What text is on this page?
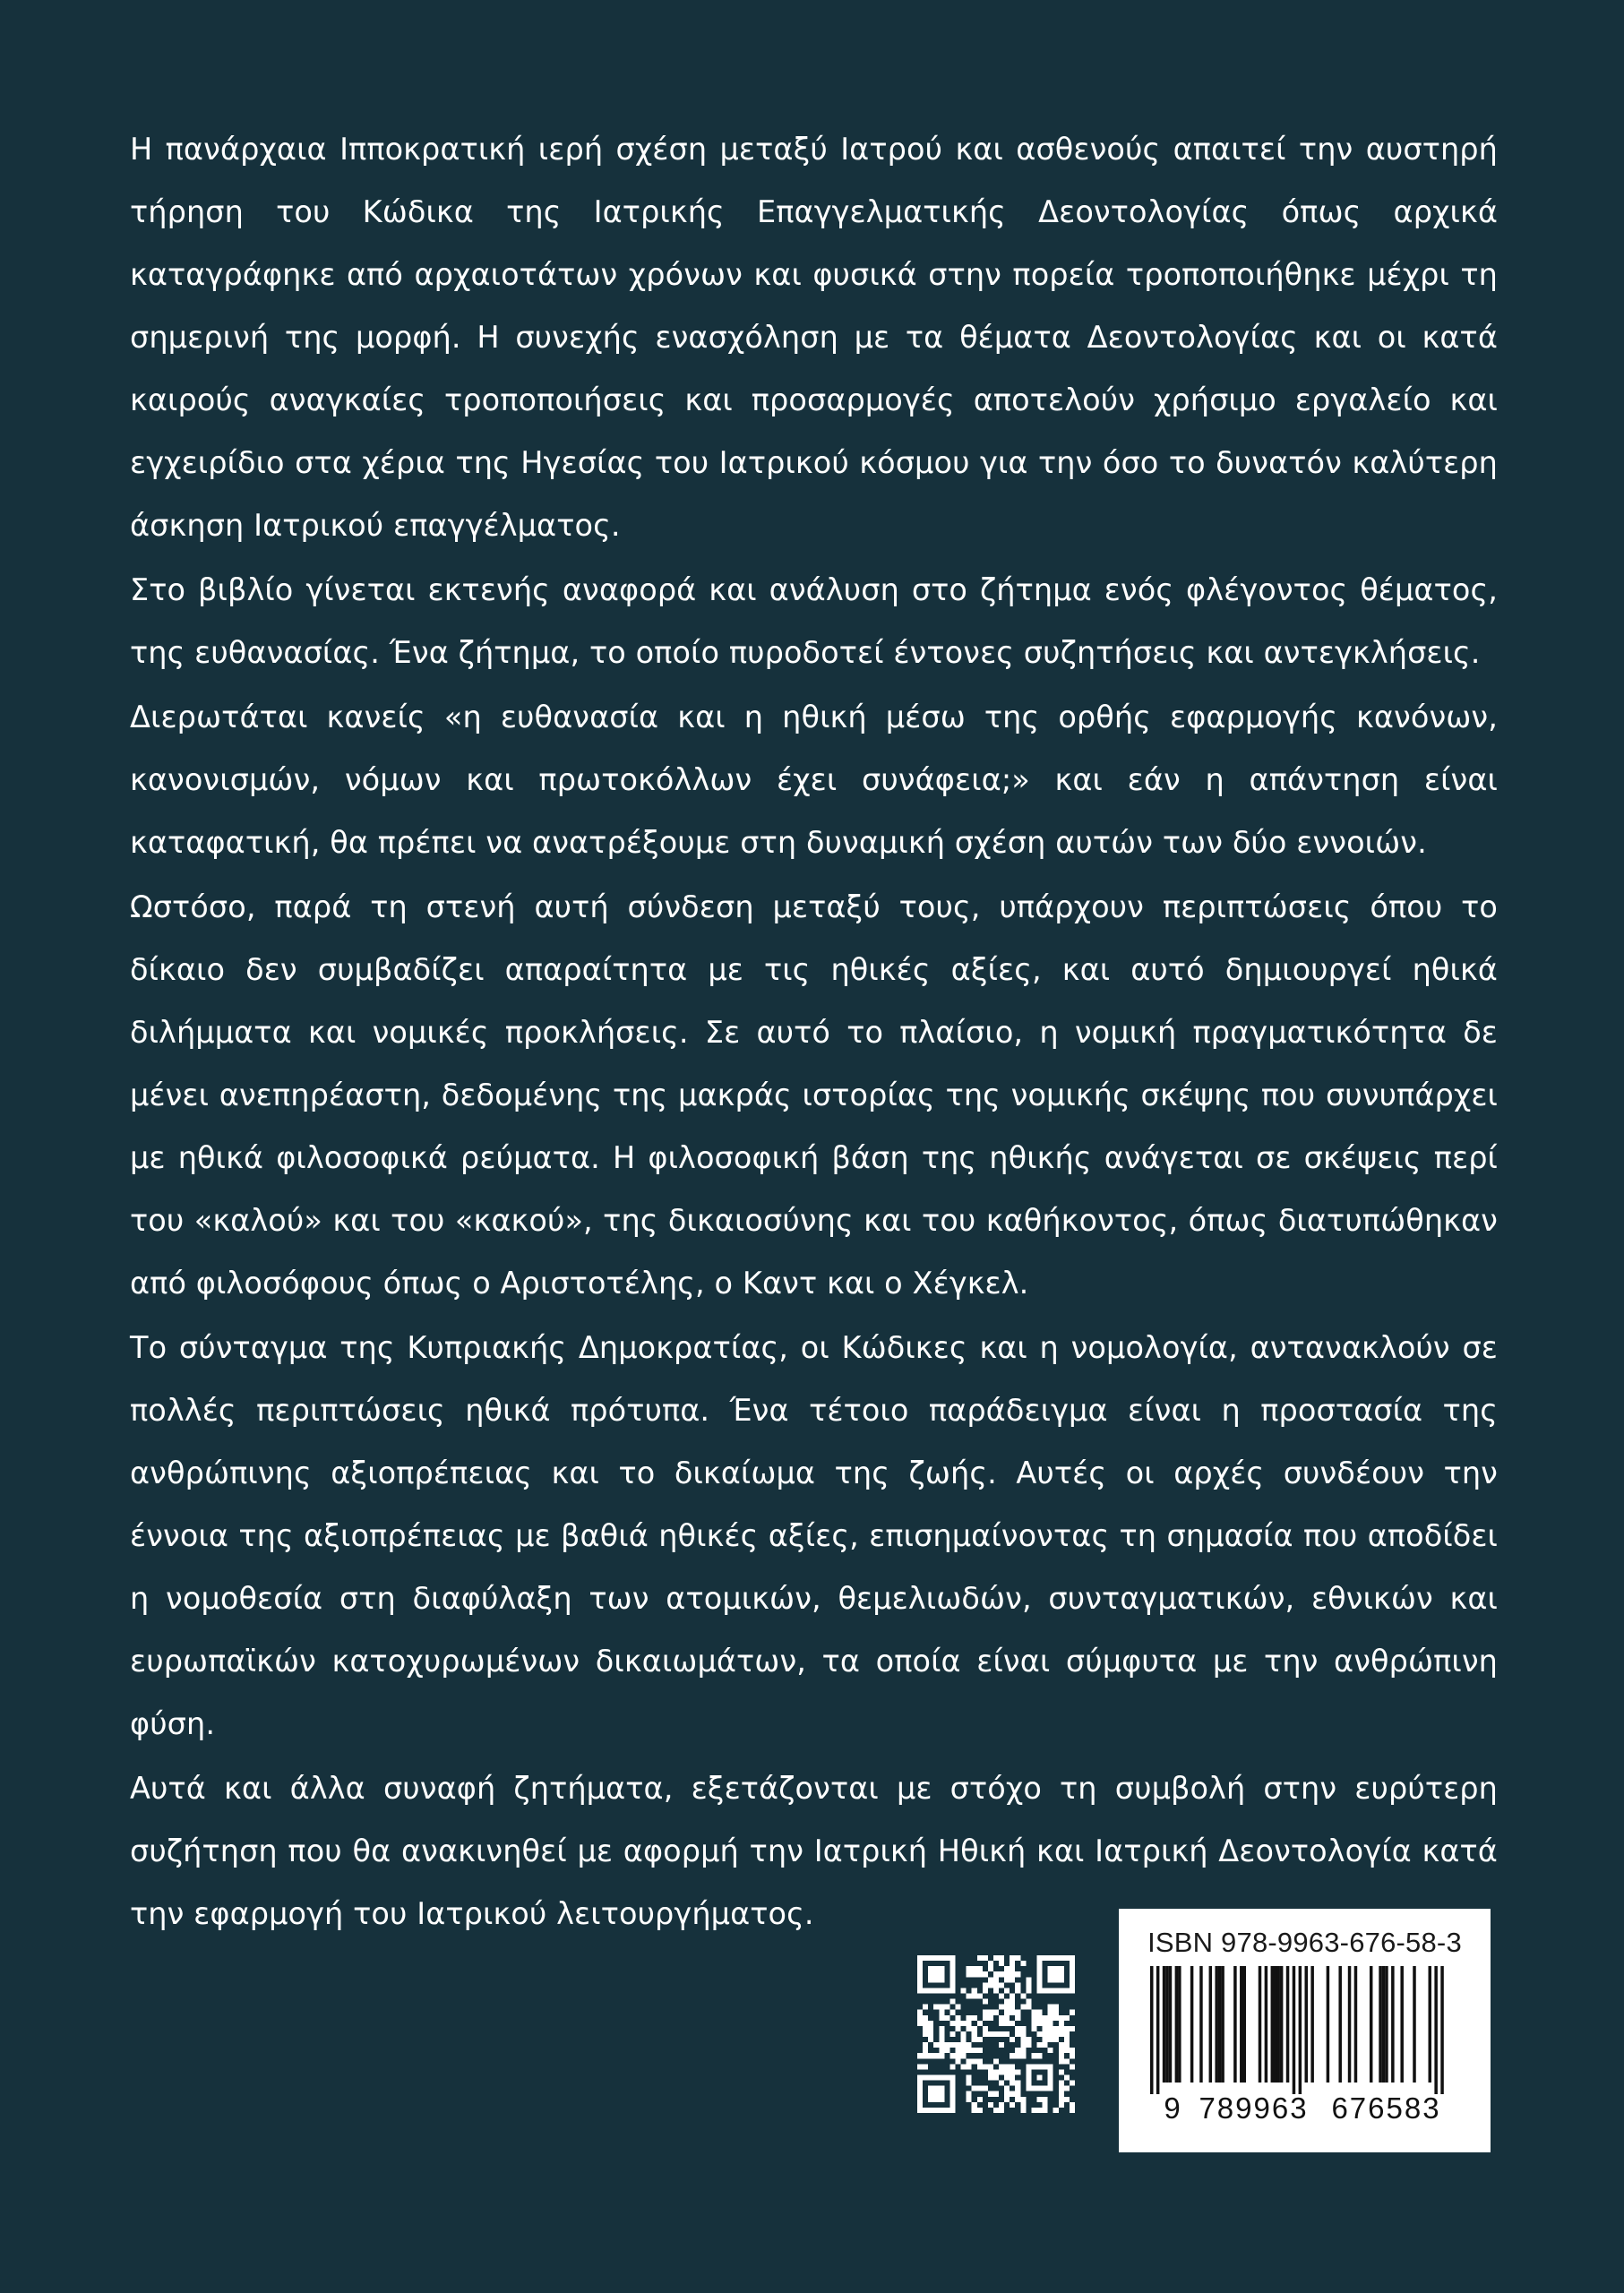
Η πανάρχαια Ιπποκρατική ιερή σχέση μεταξύ Ιατρού και ασθενούς απαιτεί την αυστηρή τήρηση του Κώδικα της Ιατρικής Επαγγελματικής Δεοντολογίας όπως αρχικά καταγράφηκε από αρχαιοτάτων χρόνων και φυσικά στην πορεία τροποποιήθηκε μέχρι τη σημερινή της μορφή. Η συνεχής ενασχόληση με τα θέματα Δεοντολογίας και οι κατά καιρούς αναγκαίες τροποποιήσεις και προσαρμογές αποτελούν χρήσιμο εργαλείο και εγχειρίδιο στα χέρια της Ηγεσίας του Ιατρικού κόσμου για την όσο το δυνατόν καλύτερη άσκηση Ιατρικού επαγγέλματος.

Στο βιβλίο γίνεται εκτενής αναφορά και ανάλυση στο ζήτημα ενός φλέγοντος θέματος, της ευθανασίας. Ένα ζήτημα, το οποίο πυροδοτεί έντονες συζητήσεις και αντεγκλήσεις.

Διερωτάται κανείς «η ευθανασία και η ηθική μέσω της ορθής εφαρμογής κανόνων, κανονισμών, νόμων και πρωτοκόλλων έχει συνάφεια;» και εάν η απάντηση είναι καταφατική, θα πρέπει να ανατρέξουμε στη δυναμική σχέση αυτών των δύο εννοιών.

Ωστόσο, παρά τη στενή αυτή σύνδεση μεταξύ τους, υπάρχουν περιπτώσεις όπου το δίκαιο δεν συμβαδίζει απαραίτητα με τις ηθικές αξίες, και αυτό δημιουργεί ηθικά διλήμματα και νομικές προκλήσεις. Σε αυτό το πλαίσιο, η νομική πραγματικότητα δε μένει ανεπηρέαστη, δεδομένης της μακράς ιστορίας της νομικής σκέψης που συνυπάρχει με ηθικά φιλοσοφικά ρεύματα. Η φιλοσοφική βάση της ηθικής ανάγεται σε σκέψεις περί του «καλού» και του «κακού», της δικαιοσύνης και του καθήκοντος, όπως διατυπώθηκαν από φιλοσόφους όπως ο Αριστοτέλης, ο Καντ και ο Χέγκελ.

Το σύνταγμα της Κυπριακής Δημοκρατίας, οι Κώδικες και η νομολογία, αντανακλούν σε πολλές περιπτώσεις ηθικά πρότυπα. Ένα τέτοιο παράδειγμα είναι η προστασία της ανθρώπινης αξιοπρέπειας και το δικαίωμα της ζωής. Αυτές οι αρχές συνδέουν την έννοια της αξιοπρέπειας με βαθιά ηθικές αξίες, επισημαίνοντας τη σημασία που αποδίδει η νομοθεσία στη διαφύλαξη των ατομικών, θεμελιωδών, συνταγματικών, εθνικών και ευρωπαϊκών κατοχυρωμένων δικαιωμάτων, τα οποία είναι σύμφυτα με την ανθρώπινη φύση.

Αυτά και άλλα συναφή ζητήματα, εξετάζονται με στόχο τη συμβολή στην ευρύτερη συζήτηση που θα ανακινηθεί με αφορμή την Ιατρική Ηθική και Ιατρική Δεοντολογία κατά την εφαρμογή του Ιατρικού λειτουργήματος.

ISBN 978-9963-676-58-3
9 789963 676583
